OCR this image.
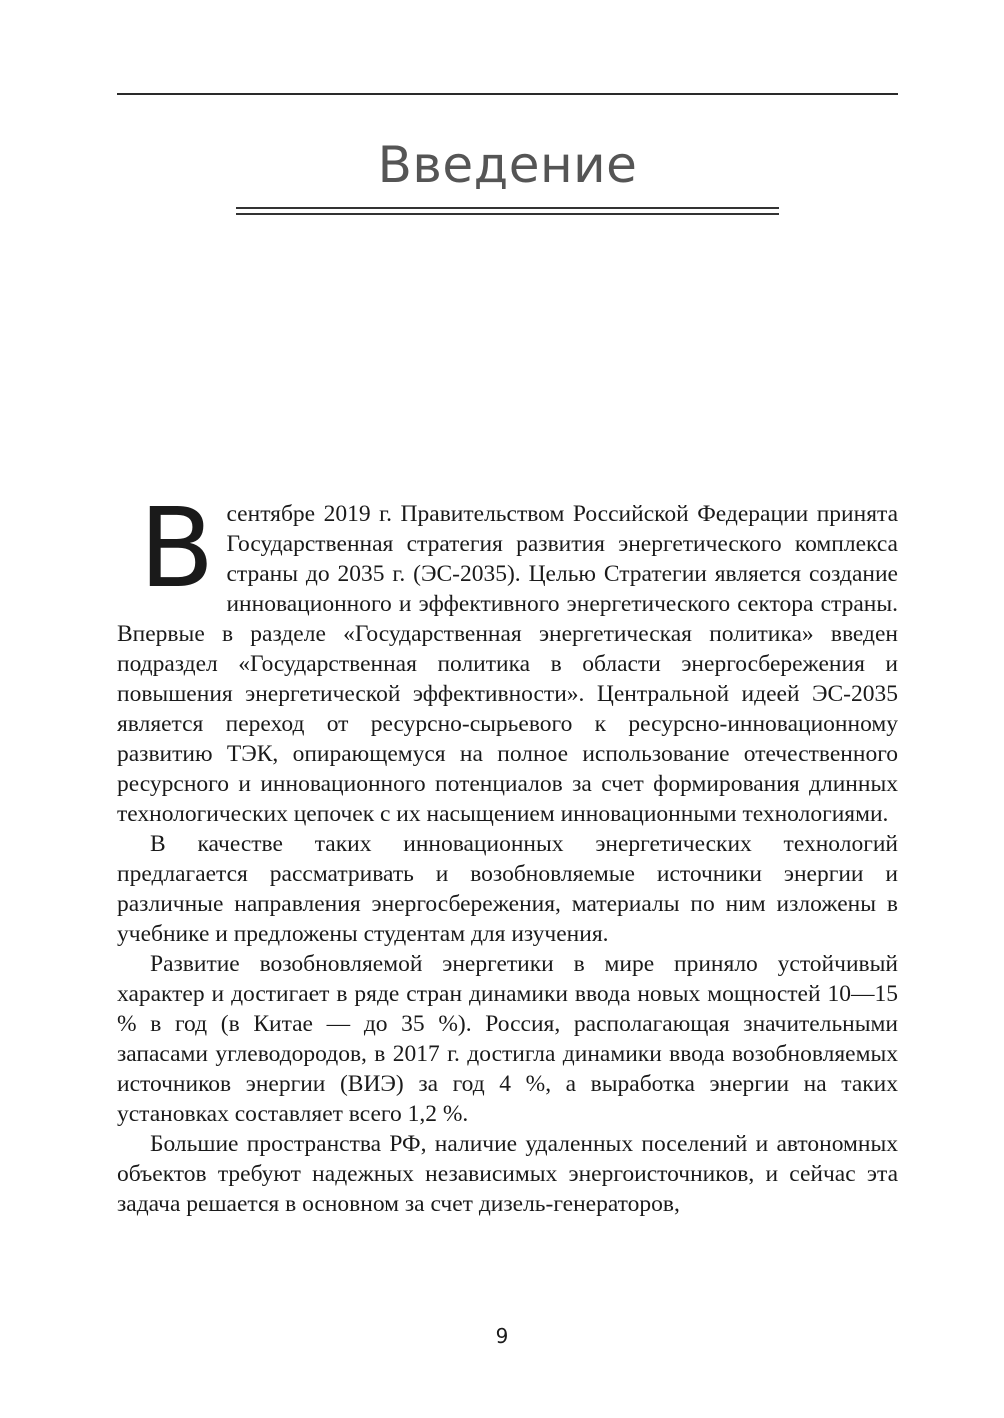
Введение

В сентябре 2019 г. Правительством Российской Федерации принята Государственная стратегия развития энергетического комплекса страны до 2035 г. (ЭС-2035). Целью Стратегии является создание инновационного и эффективного энергетического сектора страны. Впервые в разделе «Государственная энергетическая политика» введен подраздел «Государственная политика в области энергосбережения и повышения энергетической эффективности». Центральной идеей ЭС-2035 является переход от ресурсно-сырьевого к ресурсно-инновационному развитию ТЭК, опирающемуся на полное использование отечественного ресурсного и инновационного потенциалов за счет формирования длинных технологических цепочек с их насыщением инновационными технологиями.

В качестве таких инновационных энергетических технологий предлагается рассматривать и возобновляемые источники энергии и различные направления энергосбережения, материалы по ним изложены в учебнике и предложены студентам для изучения.

Развитие возобновляемой энергетики в мире приняло устойчивый характер и достигает в ряде стран динамики ввода новых мощностей 10—15 % в год (в Китае — до 35 %). Россия, располагающая значительными запасами углеводородов, в 2017 г. достигла динамики ввода возобновляемых источников энергии (ВИЭ) за год 4 %, а выработка энергии на таких установках составляет всего 1,2 %.

Большие пространства РФ, наличие удаленных поселений и автономных объектов требуют надежных независимых энергоисточников, и сейчас эта задача решается в основном за счет дизель-генераторов,

9
